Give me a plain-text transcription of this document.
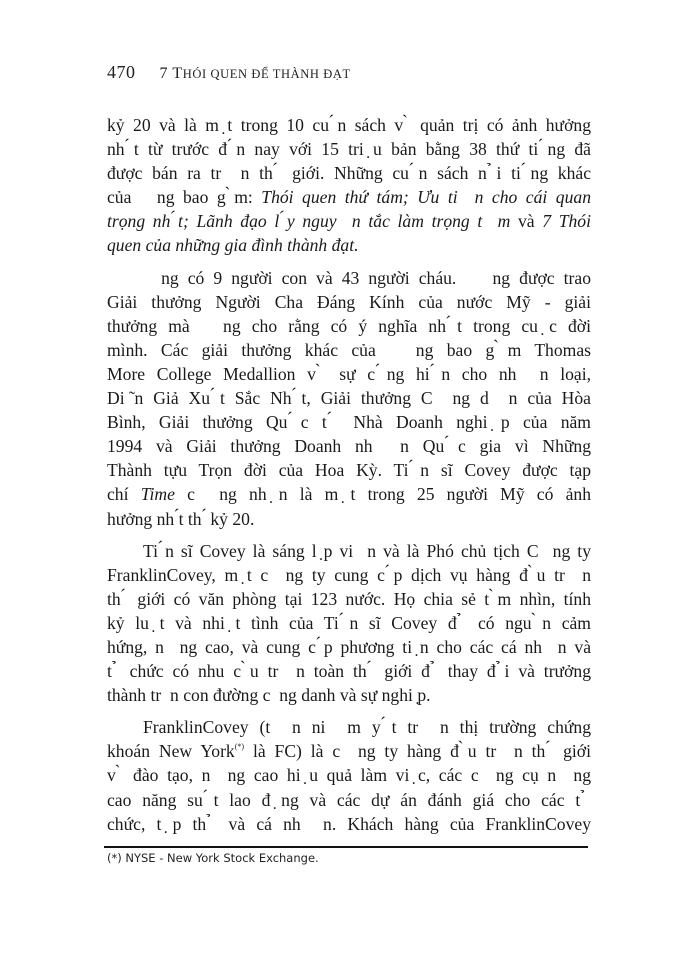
470 7 THÓI QUEN ĐỂ THÀNH ĐẠT
kỷ 20 và là m ̣t trong 10 cu ́n sách v ̀ quản trị có ảnh hưởng
nh ́t từ trước đ ́n nay với 15 tri ̣u bản bằng 38 thứ ti ́ng đã
được bán ra tr  n th ́ giới. Những cu ́n sách n ̉i ti ́ng khác
của   ng bao g ̀m: Thói quen thứ tám; Ưu ti  n cho cái quan
trọng nh ́t; Lãnh đạo l ́y nguy  n tắc làm trọng t  m và 7 Thói
quen của những gia đình thành đạt.
ng có 9 người con và 43 người cháu.    ng được trao
Giải thưởng Người Cha Đáng Kính của nước Mỹ - giải
thưởng mà   ng cho rằng có ý nghĩa nh ́t trong cu ̣c đời
mình. Các giải thưởng khác của   ng bao g ̀m Thomas
More College Medallion v ̀ sự c ́ng hi ́n cho nh  n loại,
Di ̃n Giả Xu ́t Sắc Nh ́t, Giải thưởng C  ng d  n của Hòa
Bình, Giải thưởng Qu ́c t ́ Nhà Doanh nghi ̣p của năm
1994 và Giải thưởng Doanh nh  n Qu ́c gia vì Những
Thành tựu Trọn đời của Hoa Kỳ. Ti ́n sĩ Covey được tạp
chí Time c  ng nh ̣n là m ̣t trong 25 người Mỹ có ảnh
hưởng nh ́t th ́ kỷ 20.
Ti ́n sĩ Covey là sáng l ̣p vi  n và là Phó chủ tịch C  ng ty
FranklinCovey, m ̣t c  ng ty cung c ́p dịch vụ hàng đ ̀u tr  n
th ́ giới có văn phòng tại 123 nước. Họ chia sẻ t ̀m nhìn, tính
kỷ lu ̣t và nhi ̣t tình của Ti ́n sĩ Covey đ ̉ có ngu ̀n cảm
hứng, n  ng cao, và cung c ́p phương ti ̣n cho các cá nh  n và
t ̉ chức có nhu c ̀u tr  n toàn th ́ giới đ ̉ thay đ ̉i và trưởng
thành tr  n con đường c  ng danh và sự nghi ̣p.
FranklinCovey (t  n ni  m y ́t tr  n thị trường chứng
khoán New York(*) là FC) là c  ng ty hàng đ ̀u tr  n th ́ giới
v ̀ đào tạo, n  ng cao hi ̣u quả làm vi ̣c, các c  ng cụ n  ng
cao năng su ́t lao đ ̣ng và các dự án đánh giá cho các t ̉
chức, t ̣p th ̉ và cá nh  n. Khách hàng của FranklinCovey
(*) NYSE - New York Stock Exchange.
